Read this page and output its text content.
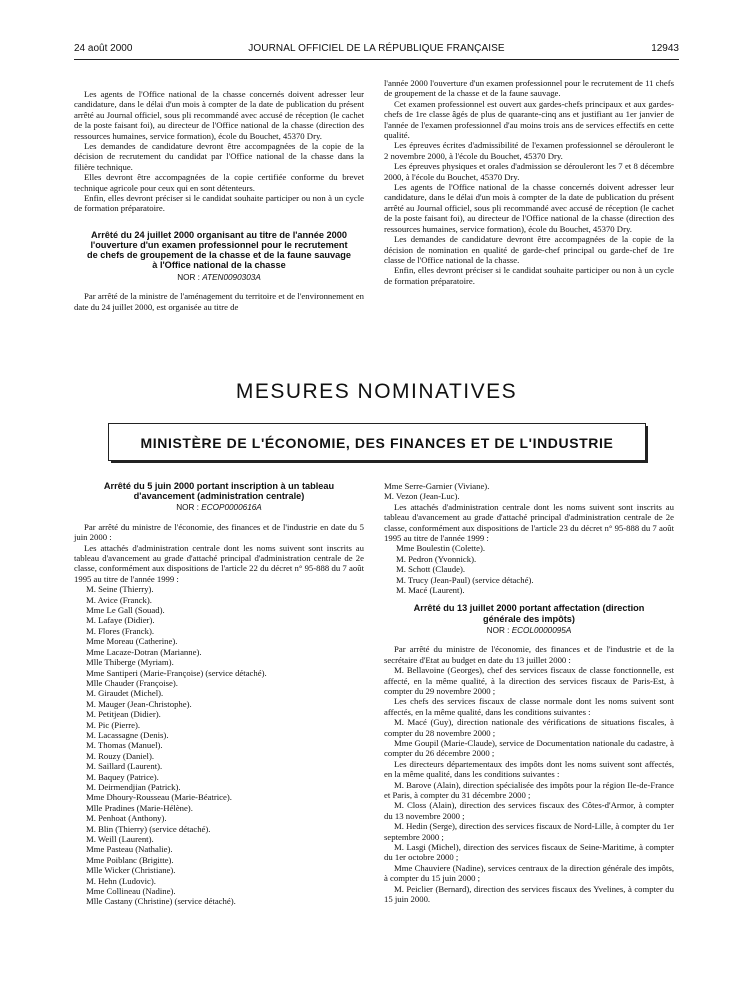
24 août 2000	JOURNAL OFFICIEL DE LA RÉPUBLIQUE FRANÇAISE	12943

Les agents de l'Office national de la chasse concernés doivent adresser leur candidature, dans le délai d'un mois à compter de la date de publication du présent arrêté au Journal officiel, sous pli recommandé avec accusé de réception (le cachet de la poste faisant foi), au directeur de l'Office national de la chasse (direction des ressources humaines, service formation), école du Bouchet, 45370 Dry.

Les demandes de candidature devront être accompagnées de la copie de la décision de recrutement du candidat par l'Office national de la chasse dans la filière technique.

Elles devront être accompagnées de la copie certifiée conforme du brevet technique agricole pour ceux qui en sont détenteurs.

Enfin, elles devront préciser si le candidat souhaite participer ou non à un cycle de formation préparatoire.

Arrêté du 24 juillet 2000 organisant au titre de l'année 2000 l'ouverture d'un examen professionnel pour le recrutement de chefs de groupement de la chasse et de la faune sauvage à l'Office national de la chasse
NOR : ATEN0090303A

Par arrêté de la ministre de l'aménagement du territoire et de l'environnement en date du 24 juillet 2000, est organisée au titre de

l'année 2000 l'ouverture d'un examen professionnel pour le recrutement de 11 chefs de groupement de la chasse et de la faune sauvage.

Cet examen professionnel est ouvert aux gardes-chefs principaux et aux gardes-chefs de 1re classe âgés de plus de quarante-cinq ans et justifiant au 1er janvier de l'année de l'examen professionnel d'au moins trois ans de services effectifs en cette qualité.

Les épreuves écrites d'admissibilité de l'examen professionnel se dérouleront le 2 novembre 2000, à l'école du Bouchet, 45370 Dry.

Les épreuves physiques et orales d'admission se dérouleront les 7 et 8 décembre 2000, à l'école du Bouchet, 45370 Dry.

Les agents de l'Office national de la chasse concernés doivent adresser leur candidature, dans le délai d'un mois à compter de la date de publication du présent arrêté au Journal officiel, sous pli recommandé avec accusé de réception (le cachet de la poste faisant foi), au directeur de l'Office national de la chasse (direction des ressources humaines, service formation), école du Bouchet, 45370 Dry.

Les demandes de candidature devront être accompagnées de la copie de la décision de nomination en qualité de garde-chef principal ou garde-chef de 1re classe de l'Office national de la chasse.

Enfin, elles devront préciser si le candidat souhaite participer ou non à un cycle de formation préparatoire.

MESURES NOMINATIVES
MINISTÈRE DE L'ÉCONOMIE, DES FINANCES ET DE L'INDUSTRIE
Arrêté du 5 juin 2000 portant inscription à un tableau d'avancement (administration centrale)
NOR : ECOP0000616A

Par arrêté du ministre de l'économie, des finances et de l'industrie en date du 5 juin 2000 :

Les attachés d'administration centrale dont les noms suivent sont inscrits au tableau d'avancement au grade d'attaché principal d'administration centrale de 2e classe, conformément aux dispositions de l'article 22 du décret n° 95-888 du 7 août 1995 au titre de l'année 1999 :

M. Seine (Thierry).
M. Avice (Franck).
Mme Le Gall (Souad).
M. Lafaye (Didier).
M. Flores (Franck).
Mme Moreau (Catherine).
Mme Lacaze-Dotran (Marianne).
Mlle Thiberge (Myriam).
Mme Santiperi (Marie-Françoise) (service détaché).
Mlle Chauder (Françoise).
M. Giraudet (Michel).
M. Mauger (Jean-Christophe).
M. Petitjean (Didier).
M. Pic (Pierre).
M. Lacassagne (Denis).
M. Thomas (Manuel).
M. Rouzy (Daniel).
M. Saillard (Laurent).
M. Baquey (Patrice).
M. Deirmendjian (Patrick).
Mme Dhoury-Rousseau (Marie-Béatrice).
Mlle Pradines (Marie-Hélène).
M. Penhoat (Anthony).
M. Blin (Thierry) (service détaché).
M. Weill (Laurent).
Mme Pasteau (Nathalie).
Mme Poiblanc (Brigitte).
Mlle Wicker (Christiane).
M. Hehn (Ludovic).
Mme Collineau (Nadine).
Mlle Castany (Christine) (service détaché).
Mme Serre-Garnier (Viviane).
M. Vezon (Jean-Luc).

Les attachés d'administration centrale dont les noms suivent sont inscrits au tableau d'avancement au grade d'attaché principal d'administration centrale de 2e classe, conformément aux dispositions de l'article 23 du décret n° 95-888 du 7 août 1995 au titre de l'année 1999 :

Mme Boulestin (Colette).
M. Pedron (Yvonnick).
M. Schott (Claude).
M. Trucy (Jean-Paul) (service détaché).
M. Macé (Laurent).
Arrêté du 13 juillet 2000 portant affectation (direction générale des impôts)
NOR : ECOL0000095A

Par arrêté du ministre de l'économie, des finances et de l'industrie et de la secrétaire d'Etat au budget en date du 13 juillet 2000 :

M. Bellavoine (Georges), chef des services fiscaux de classe fonctionnelle, est affecté, en la même qualité, à la direction des services fiscaux de Paris-Est, à compter du 29 novembre 2000 ;

Les chefs des services fiscaux de classe normale dont les noms suivent sont affectés, en la même qualité, dans les conditions suivantes :

M. Macé (Guy), direction nationale des vérifications de situations fiscales, à compter du 28 novembre 2000 ;

Mme Goupil (Marie-Claude), service de Documentation nationale du cadastre, à compter du 26 décembre 2000 ;

Les directeurs départementaux des impôts dont les noms suivent sont affectés, en la même qualité, dans les conditions suivantes :

M. Barove (Alain), direction spécialisée des impôts pour la région Ile-de-France et Paris, à compter du 31 décembre 2000 ;

M. Closs (Alain), direction des services fiscaux des Côtes-d'Armor, à compter du 13 novembre 2000 ;

M. Hedin (Serge), direction des services fiscaux de Nord-Lille, à compter du 1er septembre 2000 ;

M. Lasgi (Michel), direction des services fiscaux de Seine-Maritime, à compter du 1er octobre 2000 ;

Mme Chauviere (Nadine), services centraux de la direction générale des impôts, à compter du 15 juin 2000 ;

M. Peiclier (Bernard), direction des services fiscaux des Yvelines, à compter du 15 juin 2000.
